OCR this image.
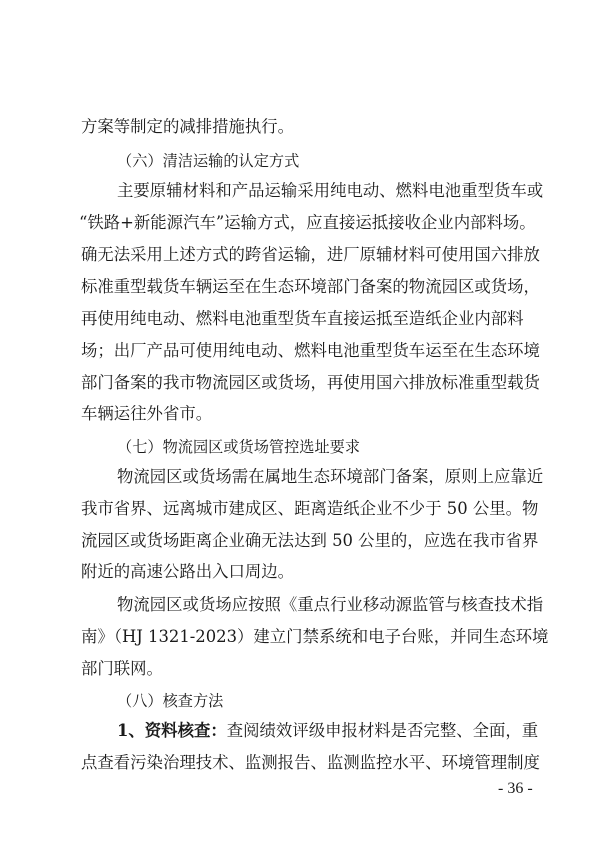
方案等制定的减排措施执行。
（六）清洁运输的认定方式
主要原辅材料和产品运输采用纯电动、燃料电池重型货车或
“铁路+新能源汽车”运输方式，应直接运抵接收企业内部料场。
确无法采用上述方式的跨省运输，进厂原辅材料可使用国六排放
标准重型载货车辆运至在生态环境部门备案的物流园区或货场，
再使用纯电动、燃料电池重型货车直接运抵至造纸企业内部料
场；出厂产品可使用纯电动、燃料电池重型货车运至在生态环境
部门备案的我市物流园区或货场，再使用国六排放标准重型载货
车辆运往外省市。
（七）物流园区或货场管控选址要求
物流园区或货场需在属地生态环境部门备案，原则上应靠近
我市省界、远离城市建成区、距离造纸企业不少于 50 公里。物
流园区或货场距离企业确无法达到 50 公里的，应选在我市省界
附近的高速公路出入口周边。
物流园区或货场应按照《重点行业移动源监管与核查技术指
南》（HJ 1321-2023）建立门禁系统和电子台账，并同生态环境
部门联网。
（八）核查方法
1、资料核查：查阅绩效评级申报材料是否完整、全面，重
点查看污染治理技术、监测报告、监测监控水平、环境管理制度
- 36 -
